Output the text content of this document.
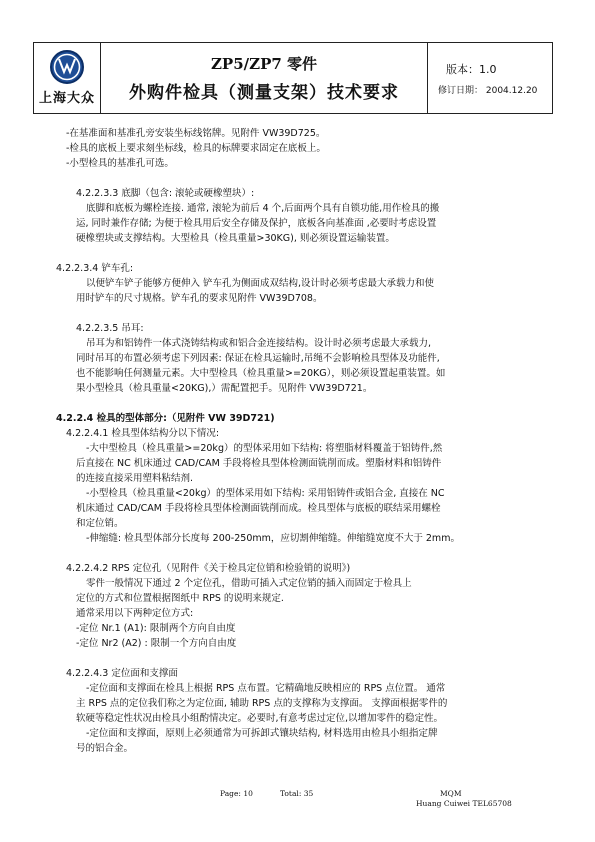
上海大众
ZP5/ZP7 零件
外购件检具（测量支架）技术要求
版本：1.0
修订日期： 2004.12.20

-在基准面和基准孔旁安装坐标线铭牌。见附件 VW39D725。

-检具的底板上要求刻坐标线，检具的标牌要求固定在底板上。

-小型检具的基准孔可选。

4.2.2.3.3 底脚（包含: 滚轮或硬橡塑块）:

底脚和底板为螺栓连接. 通常, 滚轮为前后 4 个,后面两个具有自锁功能,用作检具的搬

运, 同时兼作存储; 为便于检具用后安全存储及保护，底板各向基准面 ,必要时考虑设置

硬橡塑块或支撑结构。大型检具（检具重量>30KG), 则必须设置运输装置。

4.2.2.3.4 铲车孔:

以便铲车铲子能够方便伸入 铲车孔为侧面成双结构,设计时必须考虑最大承载力和使

用时铲车的尺寸规格。铲车孔的要求见附件 VW39D708。

4.2.2.3.5 吊耳:

吊耳为和铝铸件一体式浇铸结构或和铝合金连接结构。设计时必须考虑最大承载力,

同时吊耳的布置必须考虑下列因素: 保证在检具运输时,吊绳不会影响检具型体及功能件,

也不能影响任何测量元素。大中型检具（检具重量>=20KG），则必须设置起重装置。如

果小型检具（检具重量<20KG),）需配置把手。见附件 VW39D721。

4.2.2.4 检具的型体部分:（见附件 VW 39D721)

4.2.2.4.1 检具型体结构分以下情况:

-大中型检具（检具重量>=20kg）的型体采用如下结构: 将塑脂材料覆盖于铝铸件,然

后直接在 NC 机床通过 CAD/CAM 手段将检具型体检测面铣削而成。塑脂材料和铝铸件

的连接直接采用塑料粘结剂.

-小型检具（检具重量<20kg）的型体采用如下结构: 采用铝铸件或铝合金, 直接在 NC

机床通过 CAD/CAM 手段将检具型体检测面铣削而成。检具型体与底板的联结采用螺栓

和定位销。

-伸缩缝: 检具型体部分长度每 200-250mm，应切割伸缩缝。伸缩缝宽度不大于 2mm。

4.2.2.4.2 RPS 定位孔（见附件《关于检具定位销和检验销的说明》)

零件一般情况下通过 2 个定位孔，借助可插入式定位销的插入而固定于检具上

定位的方式和位置根据图纸中 RPS 的说明来规定.

通常采用以下两种定位方式:

-定位 Nr.1 (A1): 限制两个方向自由度

-定位 Nr2 (A2) : 限制一个方向自由度

4.2.2.4.3 定位面和支撑面

-定位面和支撑面在检具上根据 RPS 点布置。它精确地反映相应的 RPS 点位置。 通常

主 RPS 点的定位我们称之为定位面, 辅助 RPS 点的支撑称为支撑面。 支撑面根据零件的

软硬等稳定性状况由检具小组酌情决定。必要时,有意考虑过定位,以增加零件的稳定性。

-定位面和支撑面，原则上必须通常为可拆卸式镶块结构, 材料选用由检具小组指定牌

号的铝合金。

Page: 10	Total: 35	MQM
Huang Cuiwei TEL65708
